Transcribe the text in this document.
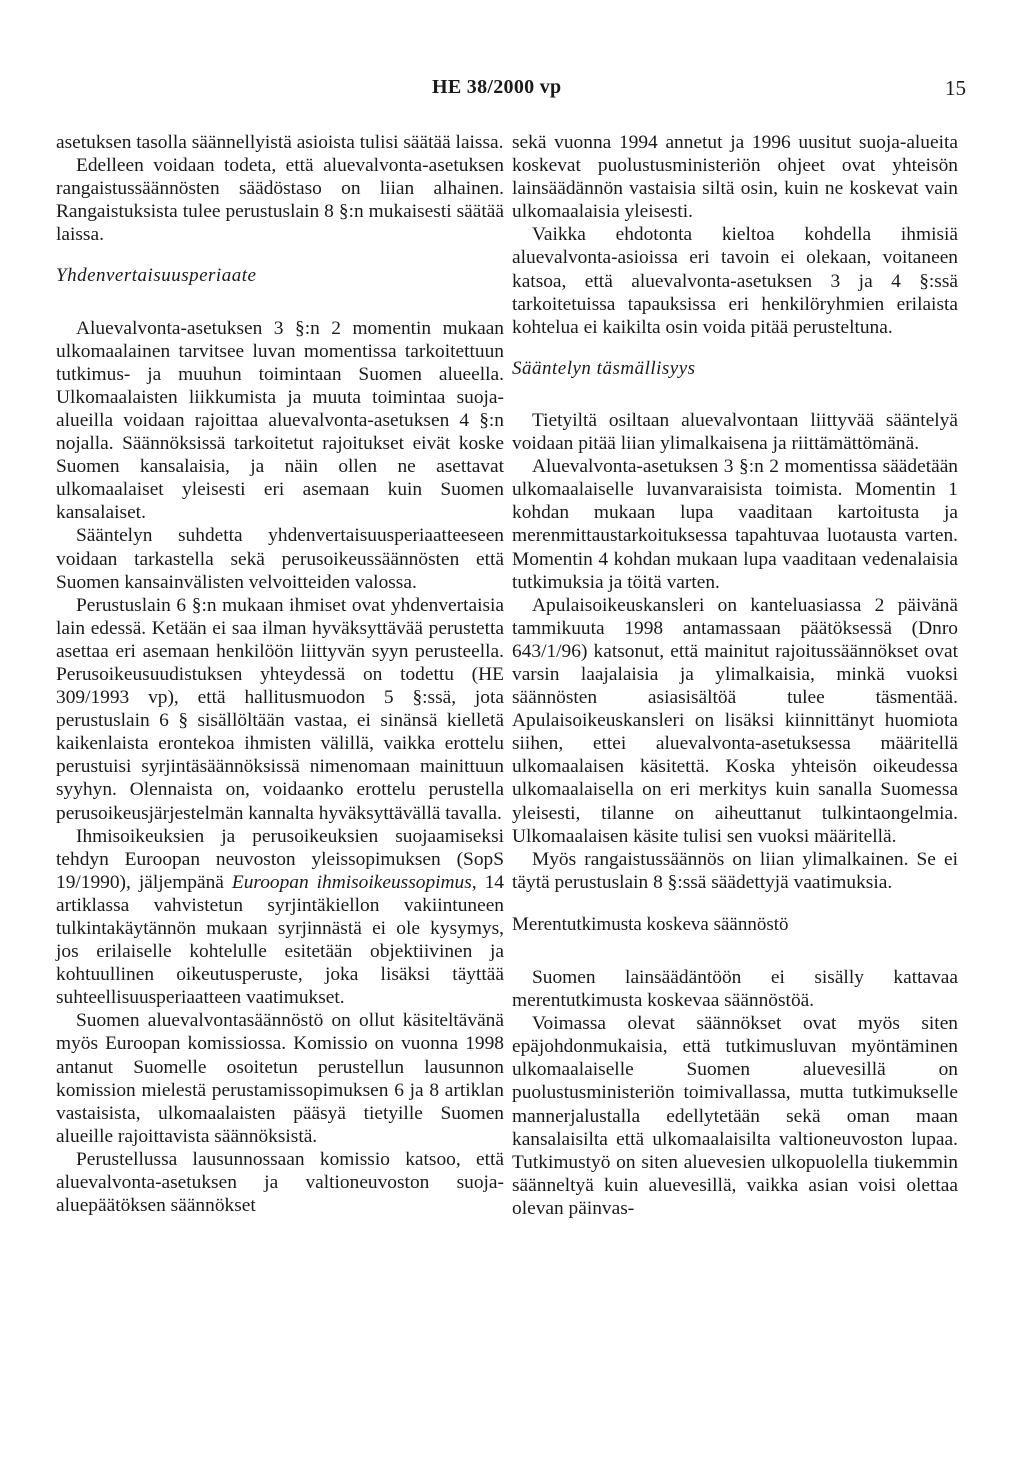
HE 38/2000 vp	15

asetuksen tasolla säännellyistä asioista tulisi säätää laissa.

Edelleen voidaan todeta, että aluevalvonta-asetuksen rangaistussäännösten säädöstaso on liian alhainen. Rangaistuksista tulee perustuslain 8 §:n mukaisesti säätää laissa.

Yhdenvertaisuusperiaate

Aluevalvonta-asetuksen 3 §:n 2 momentin mukaan ulkomaalainen tarvitsee luvan momentissa tarkoitettuun tutkimus- ja muuhun toimintaan Suomen alueella. Ulkomaalaisten liikkumista ja muuta toimintaa suoja-alueilla voidaan rajoittaa aluevalvonta-asetuksen 4 §:n nojalla. Säännöksissä tarkoitetut rajoitukset eivät koske Suomen kansalaisia, ja näin ollen ne asettavat ulkomaalaiset yleisesti eri asemaan kuin Suomen kansalaiset.

Sääntelyn suhdetta yhdenvertaisuusperiaatteeseen voidaan tarkastella sekä perusoikeussäännösten että Suomen kansainvälisten velvoitteiden valossa.

Perustuslain 6 §:n mukaan ihmiset ovat yhdenvertaisia lain edessä. Ketään ei saa ilman hyväksyttävää perustetta asettaa eri asemaan henkilöön liittyvän syyn perusteella. Perusoikeusuudistuksen yhteydessä on todettu (HE 309/1993 vp), että hallitusmuodon 5 §:ssä, jota perustuslain 6 § sisällöltään vastaa, ei sinänsä kielletä kaikenlaista erontekoa ihmisten välillä, vaikka erottelu perustuisi syrjintäsäännöksissä nimenomaan mainittuun syyhyn. Olennaista on, voidaanko erottelu perustella perusoikeusjärjestelmän kannalta hyväksyttävällä tavalla.

Ihmisoikeuksien ja perusoikeuksien suojaamiseksi tehdyn Euroopan neuvoston yleissopimuksen (SopS 19/1990), jäljempänä Euroopan ihmisoikeussopimus, 14 artiklassa vahvistetun syrjintäkiellon vakiintuneen tulkintakäytännön mukaan syrjinnästä ei ole kysymys, jos erilaiselle kohtelulle esitetään objektiivinen ja kohtuullinen oikeutusperuste, joka lisäksi täyttää suhteellisuusperiaatteen vaatimukset.

Suomen aluevalvontasäännöstö on ollut käsiteltävänä myös Euroopan komissiossa. Komissio on vuonna 1998 antanut Suomelle osoitetun perustellun lausunnon komission mielestä perustamissopimuksen 6 ja 8 artiklan vastaisista, ulkomaalaisten pääsyä tietyille Suomen alueille rajoittavista säännöksistä.

Perustellussa lausunnossaan komissio katsoo, että aluevalvonta-asetuksen ja valtioneuvoston suoja-aluepäätöksen säännökset

sekä vuonna 1994 annetut ja 1996 uusitut suoja-alueita koskevat puolustusministeriön ohjeet ovat yhteisön lainsäädännön vastaisia siltä osin, kuin ne koskevat vain ulkomaalaisia yleisesti.

Vaikka ehdotonta kieltoa kohdella ihmisiä aluevalvonta-asioissa eri tavoin ei olekaan, voitaneen katsoa, että aluevalvonta-asetuksen 3 ja 4 §:ssä tarkoitetuissa tapauksissa eri henkilöryhmien erilaista kohtelua ei kaikilta osin voida pitää perusteltuna.

Sääntelyn täsmällisyys

Tietyiltä osiltaan aluevalvontaan liittyvää sääntelyä voidaan pitää liian ylimalkaisena ja riittämättömänä.

Aluevalvonta-asetuksen 3 §:n 2 momentissa säädetään ulkomaalaiselle luvanvaraisista toimista. Momentin 1 kohdan mukaan lupa vaaditaan kartoitusta ja merenmittaustarkoituksessa tapahtuvaa luotausta varten. Momentin 4 kohdan mukaan lupa vaaditaan vedenalaisia tutkimuksia ja töitä varten.

Apulaisoikeuskansleri on kanteluasiassa 2 päivänä tammikuuta 1998 antamassaan päätöksessä (Dnro 643/1/96) katsonut, että mainitut rajoitussäännökset ovat varsin laajalaisia ja ylimalkaisia, minkä vuoksi säännösten asiasisältöä tulee täsmentää. Apulaisoikeuskansleri on lisäksi kiinnittänyt huomiota siihen, ettei aluevalvonta-asetuksessa määritellä ulkomaalaisen käsitettä. Koska yhteisön oikeudessa ulkomaalaisella on eri merkitys kuin sanalla Suomessa yleisesti, tilanne on aiheuttanut tulkintaongelmia. Ulkomaalaisen käsite tulisi sen vuoksi määritellä.

Myös rangaistussäännös on liian ylimalkainen. Se ei täytä perustuslain 8 §:ssä säädettyjä vaatimuksia.

Merentutkimusta koskeva säännöstö

Suomen lainsäädäntöön ei sisälly kattavaa merentutkimusta koskevaa säännöstöä.

Voimassa olevat säännökset ovat myös siten epäjohdonmukaisia, että tutkimusluvan myöntäminen ulkomaalaiselle Suomen aluevesillä on puolustusministeriön toimivallassa, mutta tutkimukselle mannerjalustalla edellytetään sekä oman maan kansalaisilta että ulkomaalaisilta valtioneuvoston lupaa. Tutkimustyö on siten aluevesien ulkopuolella tiukemmin säänneltyä kuin aluevesillä, vaikka asian voisi olettaa olevan päinvas-
